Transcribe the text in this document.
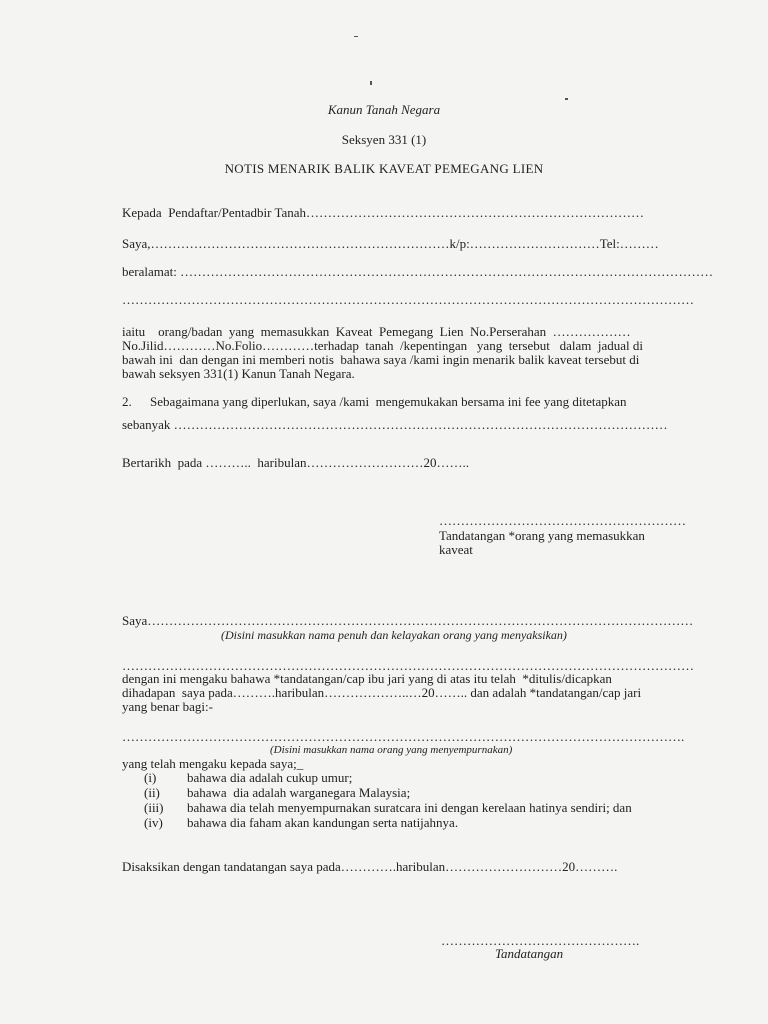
Kanun Tanah Negara
Seksyen 331 (1)
NOTIS MENARIK BALIK KAVEAT PEMEGANG LIEN
Kepada  Pendaftar/Pentadbir Tanah……………………………………………………………………
Saya,……………………………………………………………k/p:…………………………Tel:………
beralamat: ……………………………………………………………………………………………………………
……………………………………………………………………………………………………………………
iaitu    orang/badan  yang  memasukkan  Kaveat  Pemegang  Lien  No.Perserahan  ………………
No.Jilid…………No.Folio…………terhadap  tanah  /kepentingan   yang  tersebut   dalam  jadual di
bawah ini  dan dengan ini memberi notis  bahawa saya /kami ingin menarik balik kaveat tersebut di
bawah seksyen 331(1) Kanun Tanah Negara.
2. Sebagaimana yang diperlukan, saya /kami  mengemukakan bersama ini fee yang ditetapkan
sebanyak ……………………………………………………………………………………………………
Bertarikh  pada ………..  haribulan………………………20……..
…………………………………………………
Tandatangan *orang yang memasukkan
kaveat
Saya………………………………………………………………………………………………………………
(Disini masukkan nama penuh dan kelayakan orang yang menyaksikan)
……………………………………………………………………………………………………………………
dengan ini mengaku bahawa *tandatangan/cap ibu jari yang di atas itu telah  *ditulis/dicapkan
dihadapan  saya pada……….haribulan………………..…20…….. dan adalah *tandatangan/cap jari
yang benar bagi:-
………………………………………………………………………………………………………………….
(Disini masukkan nama orang yang menyempurnakan)
yang telah mengaku kepada saya;_
(i) bahawa dia adalah cukup umur;
(ii) bahawa  dia adalah warganegara Malaysia;
(iii) bahawa dia telah menyempurnakan suratcara ini dengan kerelaan hatinya sendiri; dan
(iv) bahawa dia faham akan kandungan serta natijahnya.
Disaksikan dengan tandatangan saya pada………….haribulan………………………20……….
……………………………………….
Tandatangan
